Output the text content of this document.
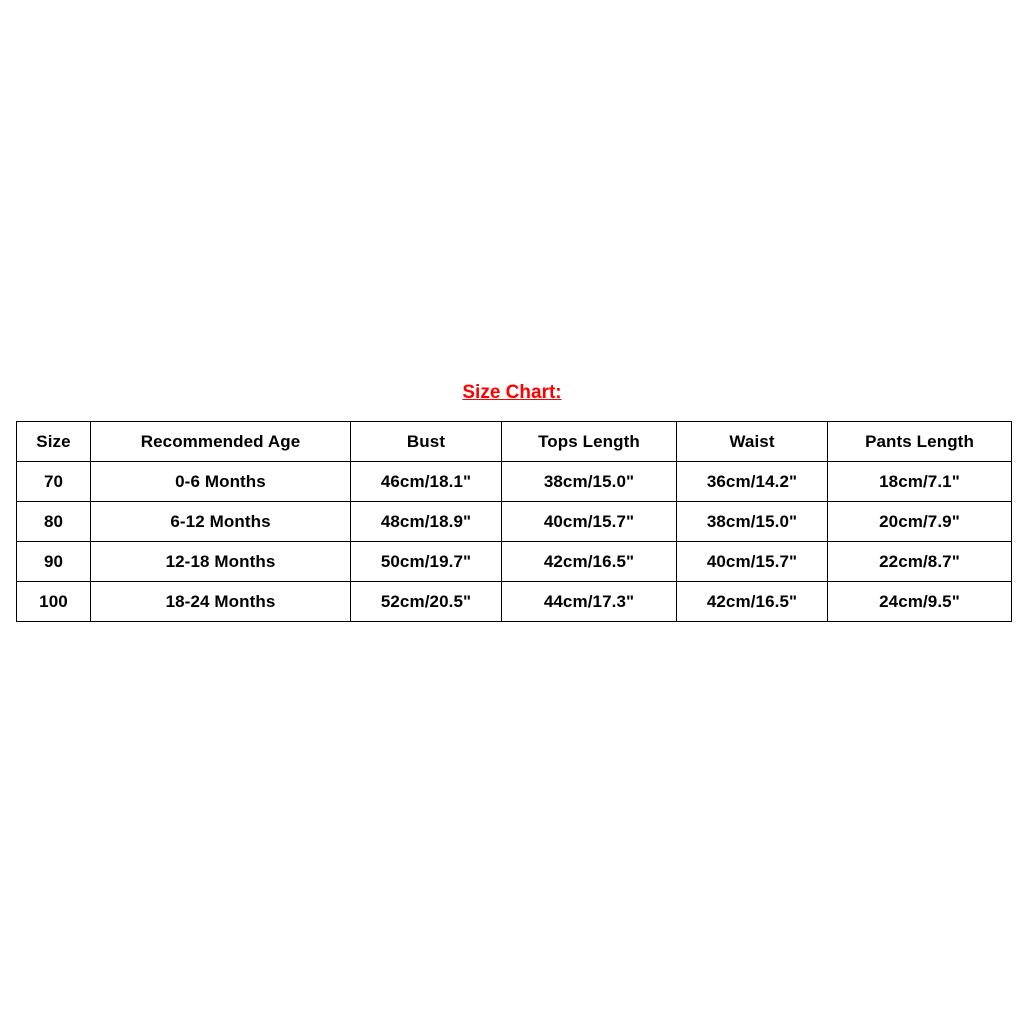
Size Chart:
Size	Recommended Age	Bust	Tops Length	Waist	Pants Length
70	0-6 Months	46cm/18.1"	38cm/15.0"	36cm/14.2"	18cm/7.1"
80	6-12 Months	48cm/18.9"	40cm/15.7"	38cm/15.0"	20cm/7.9"
90	12-18 Months	50cm/19.7"	42cm/16.5"	40cm/15.7"	22cm/8.7"
100	18-24 Months	52cm/20.5"	44cm/17.3"	42cm/16.5"	24cm/9.5"
